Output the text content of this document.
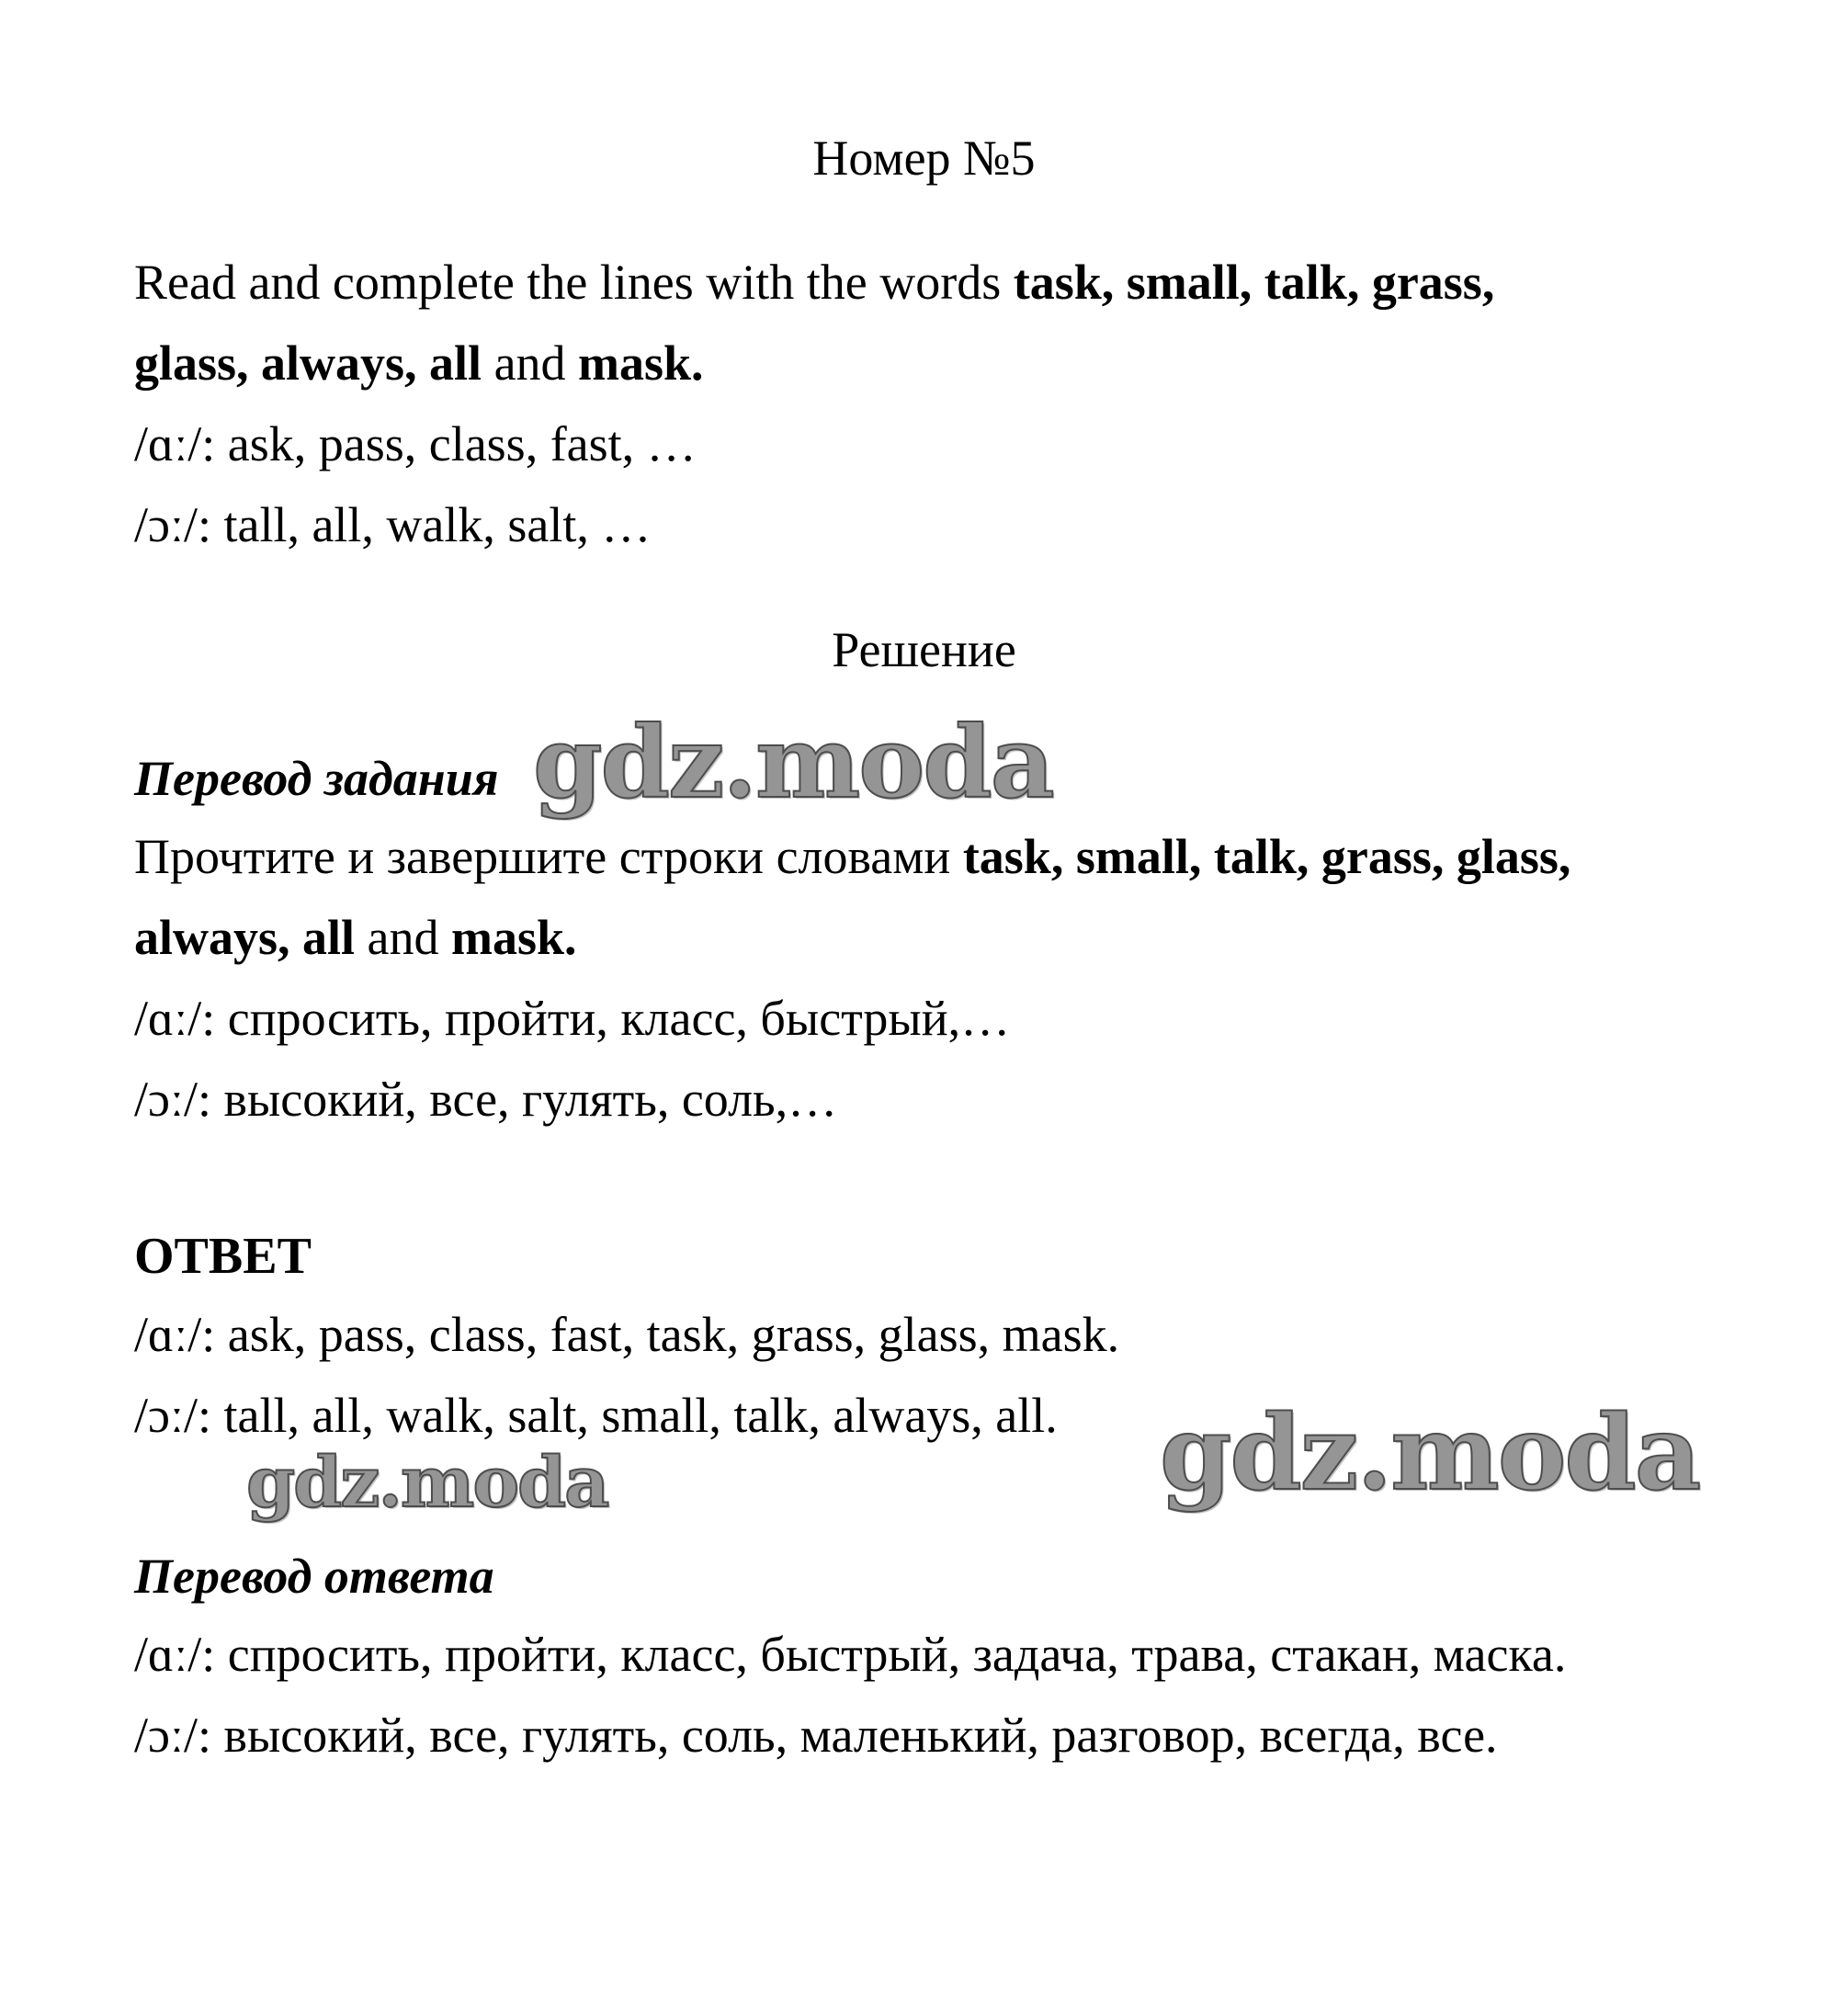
Номер №5
Read and complete the lines with the words task, small, talk, grass,
glass, always, all and mask.
/ɑː/: ask, pass, class, fast, …
/ɔː/: tall, all, walk, salt, …
Решение
Перевод задания
Прочтите и завершите строки словами task, small, talk, grass, glass,
always, all and mask.
/ɑː/: спросить, пройти, класс, быстрый,…
/ɔː/: высокий, все, гулять, соль,…
ОТВЕТ
/ɑː/: ask, pass, class, fast, task, grass, glass, mask.
/ɔː/: tall, all, walk, salt, small, talk, always, all.
Перевод ответа
/ɑː/: спросить, пройти, класс, быстрый, задача, трава, стакан, маска.
/ɔː/: высокий, все, гулять, соль, маленький, разговор, всегда, все.
gdz.moda
gdz.moda	gdz.moda
